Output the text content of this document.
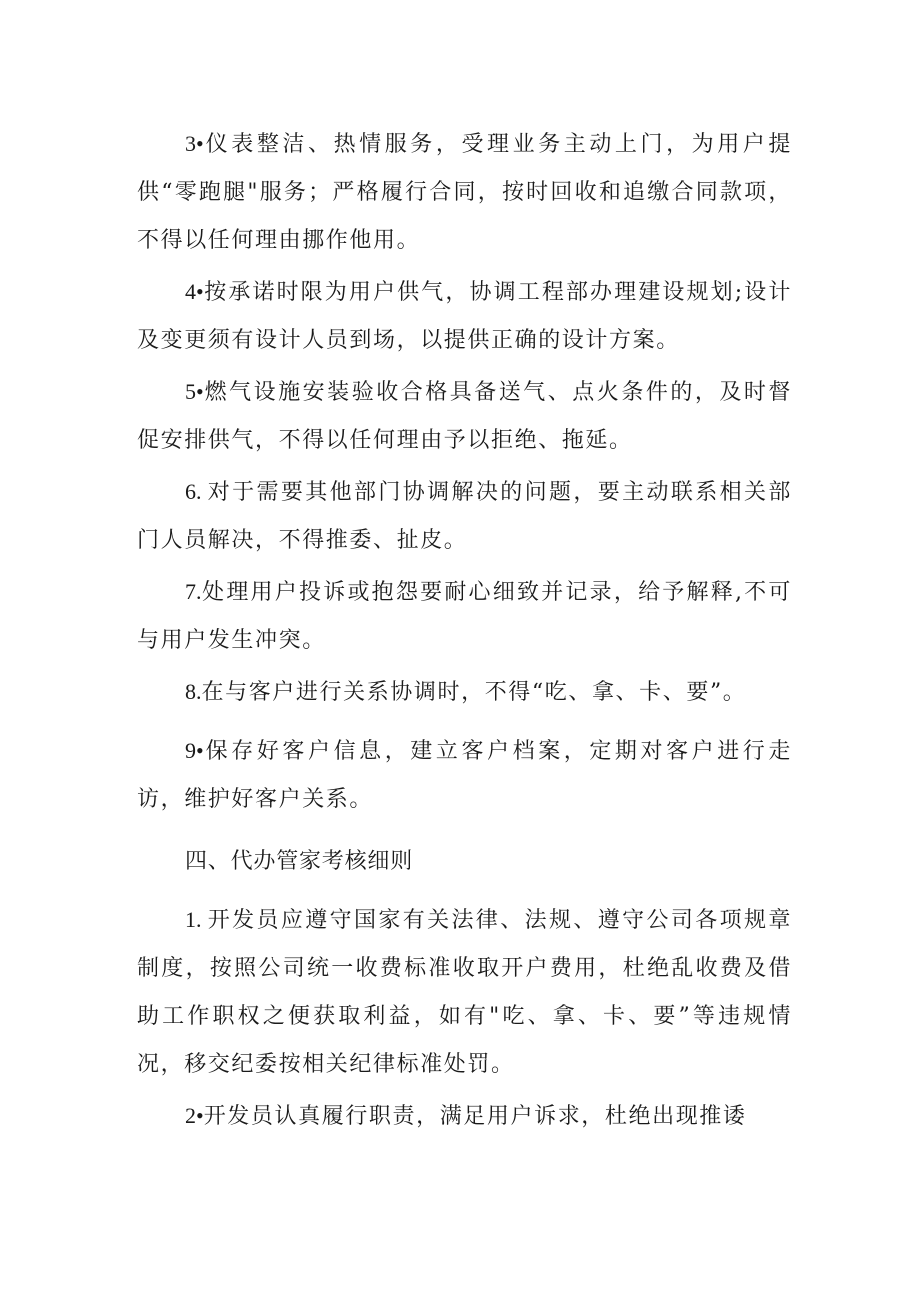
3•仪表整洁、热情服务，受理业务主动上门，为用户提供“零跑腿"服务；严格履行合同，按时回收和追缴合同款项，不得以任何理由挪作他用。

4•按承诺时限为用户供气，协调工程部办理建设规划;设计及变更须有设计人员到场，以提供正确的设计方案。

5•燃气设施安装验收合格具备送气、点火条件的，及时督促安排供气，不得以任何理由予以拒绝、拖延。

6. 对于需要其他部门协调解决的问题，要主动联系相关部门人员解决，不得推委、扯皮。

7.处理用户投诉或抱怨要耐心细致并记录，给予解释,不可与用户发生冲突。

8.在与客户进行关系协调时，不得“吃、拿、卡、要”。

9•保存好客户信息，建立客户档案，定期对客户进行走访，维护好客户关系。

四、代办管家考核细则

1. 开发员应遵守国家有关法律、法规、遵守公司各项规章制度，按照公司统一收费标准收取开户费用，杜绝乱收费及借助工作职权之便获取利益，如有"吃、拿、卡、要”等违规情况，移交纪委按相关纪律标准处罚。

2•开发员认真履行职责，满足用户诉求，杜绝出现推诿
